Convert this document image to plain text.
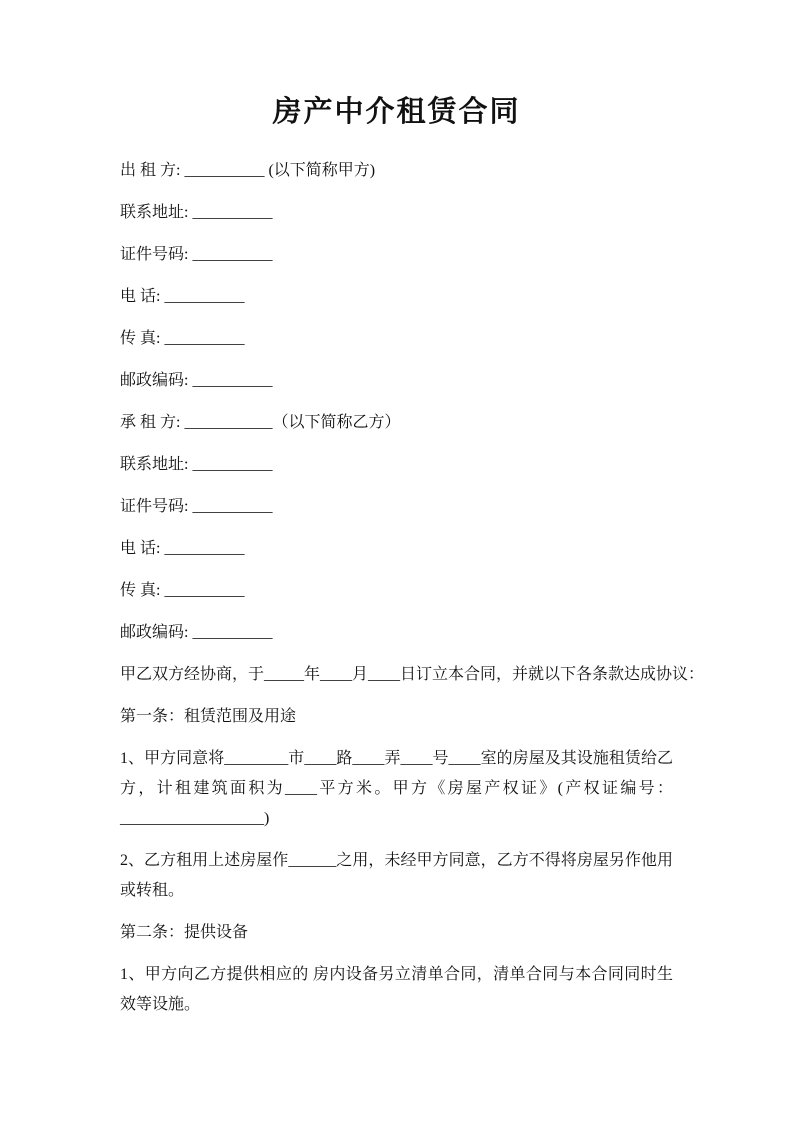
房产中介租赁合同

出 租 方: __________ (以下简称甲方)

联系地址: __________

证件号码: __________

电 话: __________

传 真: __________

邮政编码: __________

承 租 方: ___________（以下简称乙方）

联系地址: __________

证件号码: __________

电 话: __________

传 真: __________

邮政编码: __________

甲乙双方经协商，于_____年____月____日订立本合同，并就以下各条款达成协议：

第一条：租赁范围及用途

1、甲方同意将________市____路____弄____号____室的房屋及其设施租赁给乙方，计租建筑面积为____平方米。甲方《房屋产权证》(产权证编号：__________________)

2、乙方租用上述房屋作______之用，未经甲方同意，乙方不得将房屋另作他用或转租。

第二条：提供设备

1、甲方向乙方提供相应的 房内设备另立清单合同，清单合同与本合同同时生效等设施。
